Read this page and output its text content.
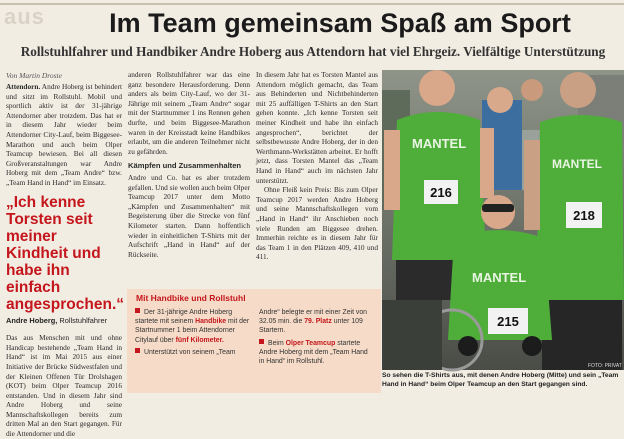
aus	Im Team gemeinsam Spaß am Sport
Rollstuhlfahrer und Handbiker Andre Hoberg aus Attendorn hat viel Ehrgeiz. Vielfältige Unterstützung
Von Martin Droste

Attendorn. Andre Hoberg ist behindert und sitzt im Rollstuhl. Mobil und sportlich aktiv ist der 31-jährige Attendorner aber trotzdem. Das hat er in diesem Jahr wieder beim Attendorner City-Lauf, beim Biggesee-Marathon und auch beim Olper Teamcup bewiesen. Bei all diesen Großveranstaltungen war Andre Hoberg mit dem „Team Andre“ bzw. „Team Hand in Hand“ im Einsatz.

„Ich kenne Torsten seit meiner Kindheit und habe ihn einfach angesprochen.“
Andre Hoberg, Rollstuhlfahrer

Das aus Menschen mit und ohne Handicap bestehende „Team Hand in Hand“ ist im Mai 2015 aus einer Initiative der Brücke Südwestfalen und der Kleinen Offenen Tür Drolshagen (KOT) beim Olper Teamcup 2016 entstanden. Und in diesem Jahr sind Andre Hoberg und seine Mannschaftskollegen bereits zum dritten Mal an den Start gegangen. Für die Attendorner und die

anderen Rollstuhlfahrer war das eine ganz besondere Herausforderung. Denn anders als beim City-Lauf, wo der 31-Jährige mit seinem „Team Andre“ sogar mit der Startnummer 1 ins Rennen gehen durfte, und beim Biggesee-Marathon waren in der Kreisstadt keine Handbikes erlaubt, um die anderen Teilnehmer nicht zu gefährden.

Kämpfen und Zusammenhalten

Andre und Co. hat es aber trotzdem gefallen. Und sie wollen auch beim Olper Teamcup 2017 unter dem Motto „Kämpfen und Zusammenhalten“ mit Begeisterung über die Strecke von fünf Kilometer starten. Dann hoffentlich wieder in einheitlichen T-Shirts mit der Aufschrift „Hand in Hand“ auf der Rückseite.

In diesem Jahr hat es Torsten Mantel aus Attendorn möglich gemacht, das Team aus Behinderten und Nichtbehinderten mit 25 auffälligen T-Shirts an den Start gehen konnte. „Ich kenne Torsten seit meiner Kindheit und habe ihn einfach angesprochen“, berichtet der selbstbewusste Andre Hoberg, der in den Werthmann-Werkstätten arbeitet. Er hofft jetzt, dass Torsten Mantel das „Team Hand in Hand“ auch im nächsten Jahr unterstützt.

Ohne Fleiß kein Preis: Bis zum Olper Teamcup 2017 werden Andre Hoberg und seine Mannschaftskollegen vom „Hand in Hand“ ihr Anschieben noch viele Runden am Biggesee drehen. Immerhin reichte es in diesem Jahr für das Team 1 in den Plätzen 409, 410 und 411.

Mit Handbike und Rollstuhl
Der 31-jährige Andre Hoberg startete mit seinem Handbike mit der Startnummer 1 beim Attendorner Citylauf über fünf Kilometer.
Unterstützt von seinem „Team
Andre“ belegte er mit einer Zeit von 32.05 min. die 79. Platz unter 109 Startern.
Beim Olper Teamcup startete Andre Hoberg mit dem „Team Hand in Hand“ im Rollstuhl.
MANTEL
216
MANTEL
218
MANTEL
215
FOTO: PRIVAT
So sehen die T-Shirts aus, mit denen Andre Hoberg (Mitte) und sein „Team Hand in Hand“ beim Olper Teamcup an den Start gegangen sind.
